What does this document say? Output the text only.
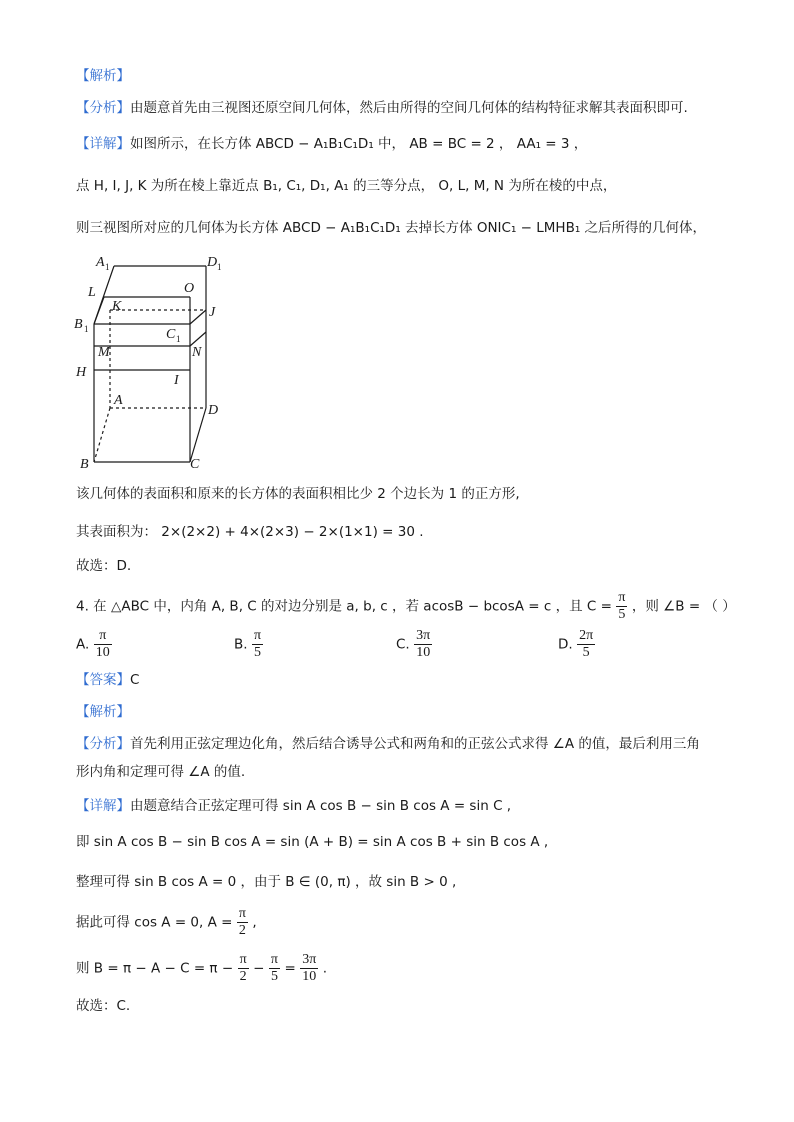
【解析】
【分析】由题意首先由三视图还原空间几何体，然后由所得的空间几何体的结构特征求解其表面积即可.
【详解】如图所示，在长方体 ABCD − A₁B₁C₁D₁ 中， AB = BC = 2 ， AA₁ = 3 ，
点 H, I, J, K 为所在棱上靠近点 B₁, C₁, D₁, A₁ 的三等分点， O, L, M, N 为所在棱的中点，
则三视图所对应的几何体为长方体 ABCD − A₁B₁C₁D₁ 去掉长方体 ONIC₁ − LMHB₁ 之后所得的几何体，
A 1	D 1
L	O
K	J
B 1	C 1
M	N
H
I
A
D
B	C
该几何体的表面积和原来的长方体的表面积相比少 2 个边长为 1 的正方形,
其表面积为： 2×(2×2) + 4×(2×3) − 2×(1×1) = 30 .
故选：D.
4. 在 △ABC 中，内角 A, B, C 的对边分别是 a, b, c ，若 acosB − bcosA = c ，且 $C = \frac{\pi}{5}$ ，则 ∠B = （ ）
A. $\frac{\pi}{10}$	B. $\frac{\pi}{5}$	C. $\frac{3\pi}{10}$	D. $\frac{2\pi}{5}$
【答案】C
【解析】
【分析】首先利用正弦定理边化角，然后结合诱导公式和两角和的正弦公式求得 ∠A 的值，最后利用三角
形内角和定理可得 ∠A 的值.
【详解】由题意结合正弦定理可得 sin A cos B − sin B cos A = sin C ,
即 sin A cos B − sin B cos A = sin (A + B) = sin A cos B + sin B cos A ,
整理可得 sin B cos A = 0 ，由于 B ∈ (0, π) ，故 sin B > 0 ,
据此可得 cos A = 0, $A = \frac{\pi}{2}$ ,
则 $B = \pi - A - C = \pi - \frac{\pi}{2} - \frac{\pi}{5} = \frac{3\pi}{10}$ .
故选：C.
